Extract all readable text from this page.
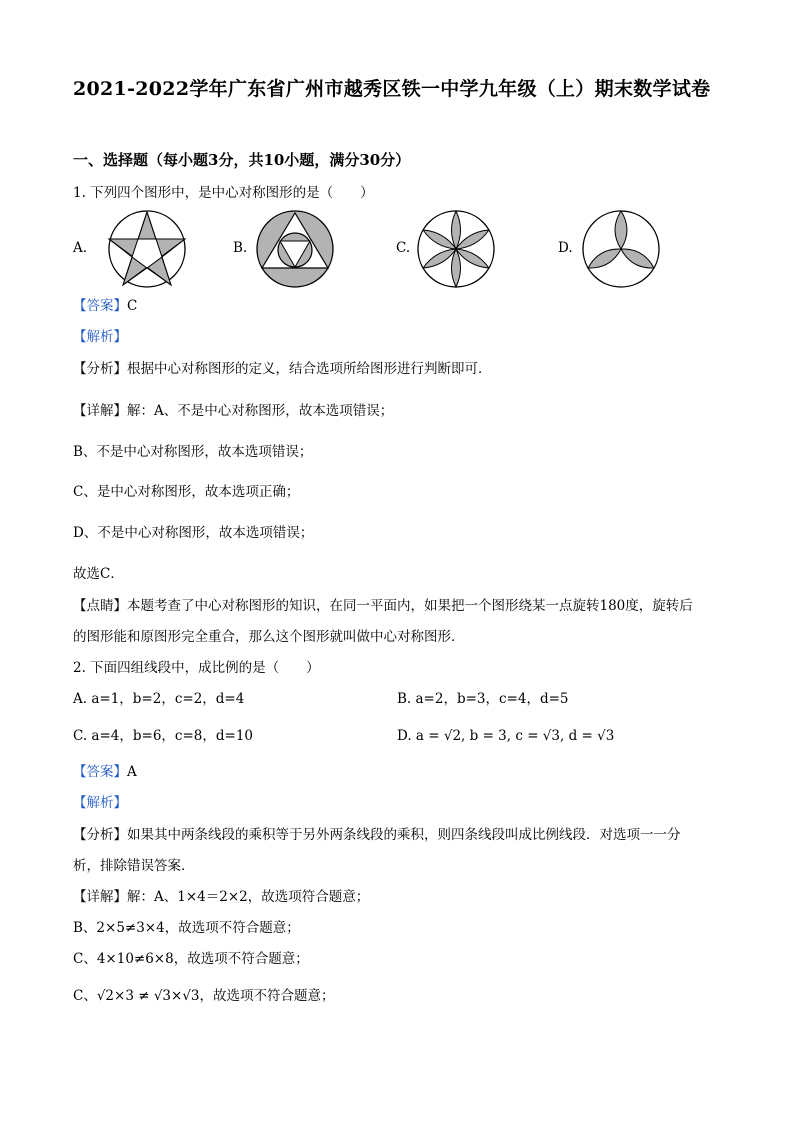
2021-2022学年广东省广州市越秀区铁一中学九年级（上）期末数学试卷
一、选择题（每小题3分，共10小题，满分30分）
1. 下列四个图形中，是中心对称图形的是（　　）
A.	B.	C.	D.
【答案】C
【解析】
【分析】根据中心对称图形的定义，结合选项所给图形进行判断即可．
【详解】解：A、不是中心对称图形，故本选项错误；
B、不是中心对称图形，故本选项错误；
C、是中心对称图形，故本选项正确；
D、不是中心对称图形，故本选项错误；
故选C．
【点睛】本题考查了中心对称图形的知识，在同一平面内，如果把一个图形绕某一点旋转180度，旋转后
的图形能和原图形完全重合，那么这个图形就叫做中心对称图形．
2. 下面四组线段中，成比例的是（　　）
A. a=1，b=2，c=2，d=4	B. a=2，b=3，c=4，d=5
C. a=4，b=6，c=8，d=10	D. a = √2, b = 3, c = √3, d = √3
【答案】A
【解析】
【分析】如果其中两条线段的乘积等于另外两条线段的乘积，则四条线段叫成比例线段．对选项一一分
析，排除错误答案．
【详解】解：A、1×4＝2×2，故选项符合题意；
B、2×5≠3×4，故选项不符合题意；
C、4×10≠6×8，故选项不符合题意；
C、√2×3 ≠ √3×√3，故选项不符合题意；
